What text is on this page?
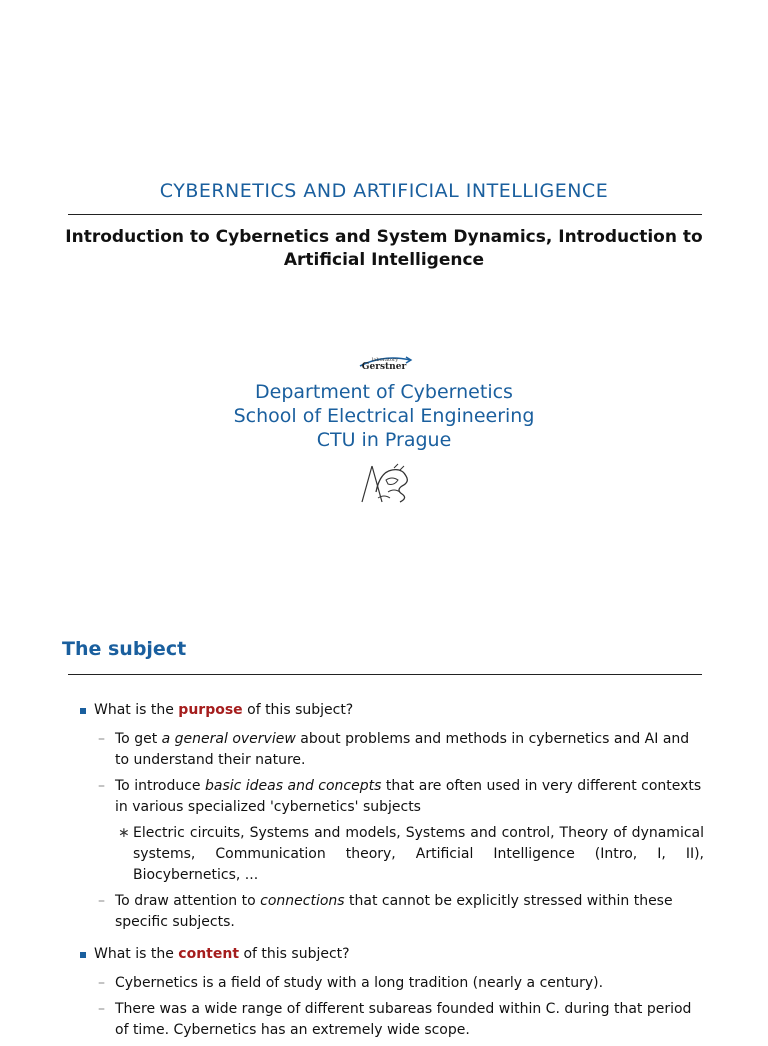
CYBERNETICS AND ARTIFICIAL INTELLIGENCE
Introduction to Cybernetics and System Dynamics, Introduction to
Artificial Intelligence
laboratory
Gerstner
Department of Cybernetics
School of Electrical Engineering
CTU in Prague
The subject
What is the purpose of this subject?
– To get a general overview about problems and methods in cybernetics and AI and to understand their nature.
– To introduce basic ideas and concepts that are often used in very different contexts in various specialized 'cybernetics' subjects
∗ Electric circuits, Systems and models, Systems and control, Theory of dynamical systems, Communication theory, Artificial Intelligence (Intro, I, II), Biocybernetics, ...
– To draw attention to connections that cannot be explicitly stressed within these specific subjects.
What is the content of this subject?
– Cybernetics is a field of study with a long tradition (nearly a century).
– There was a wide range of different subareas founded within C. during that period of time. Cybernetics has an extremely wide scope.
